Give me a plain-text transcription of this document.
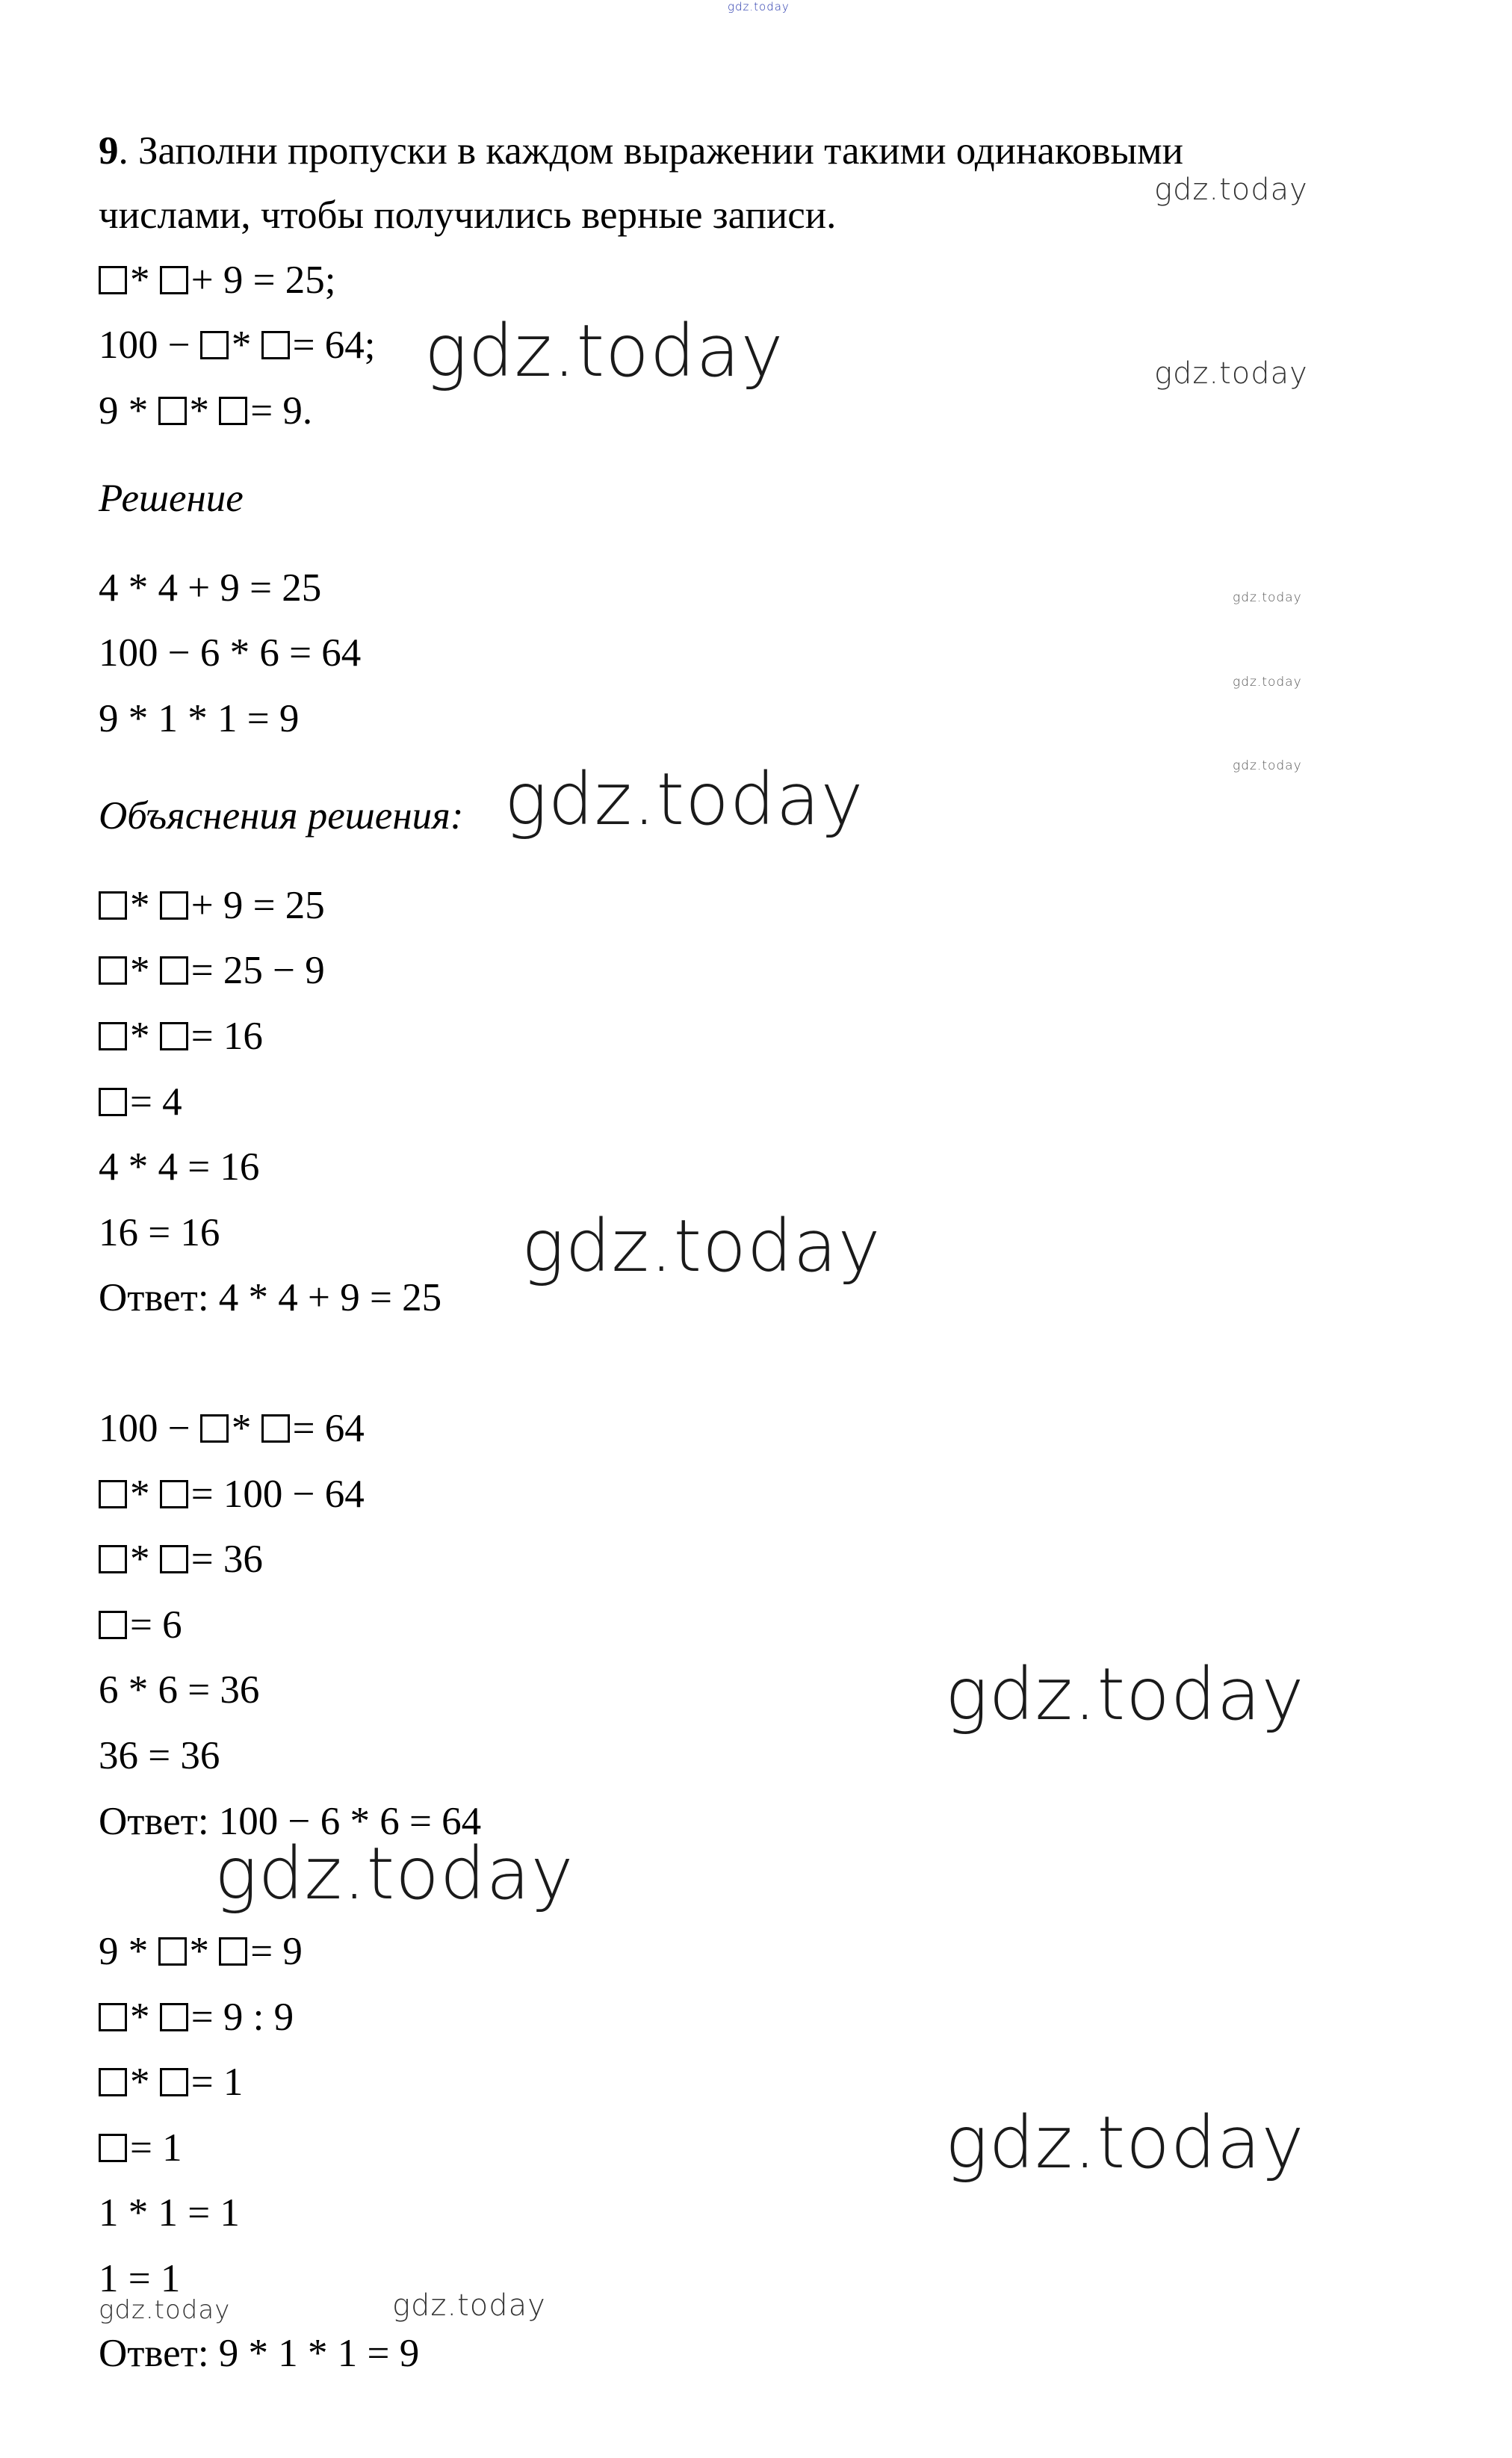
gdz.today
gdz.today
gdz.today	gdz.today
gdz.today
gdz.today
gdz.today
gdz.today
gdz.today
gdz.today
gdz.today
gdz.today
gdz.today
gdz.today
9. Заполни пропуски в каждом выражении такими одинаковыми
числами, чтобы получились верные записи.
* + 9 = 25;
100 − * = 64;
9 * * = 9.
Решение
4 * 4 + 9 = 25
100 − 6 * 6 = 64
9 * 1 * 1 = 9
Объяснения решения:
* + 9 = 25
* = 25 − 9
* = 16
= 4
4 * 4 = 16
16 = 16
Ответ: 4 * 4 + 9 = 25
100 − * = 64
* = 100 − 64
* = 36
= 6
6 * 6 = 36
36 = 36
Ответ: 100 − 6 * 6 = 64
9 * * = 9
* = 9 : 9
* = 1
= 1
1 * 1 = 1
1 = 1
Ответ: 9 * 1 * 1 = 9
